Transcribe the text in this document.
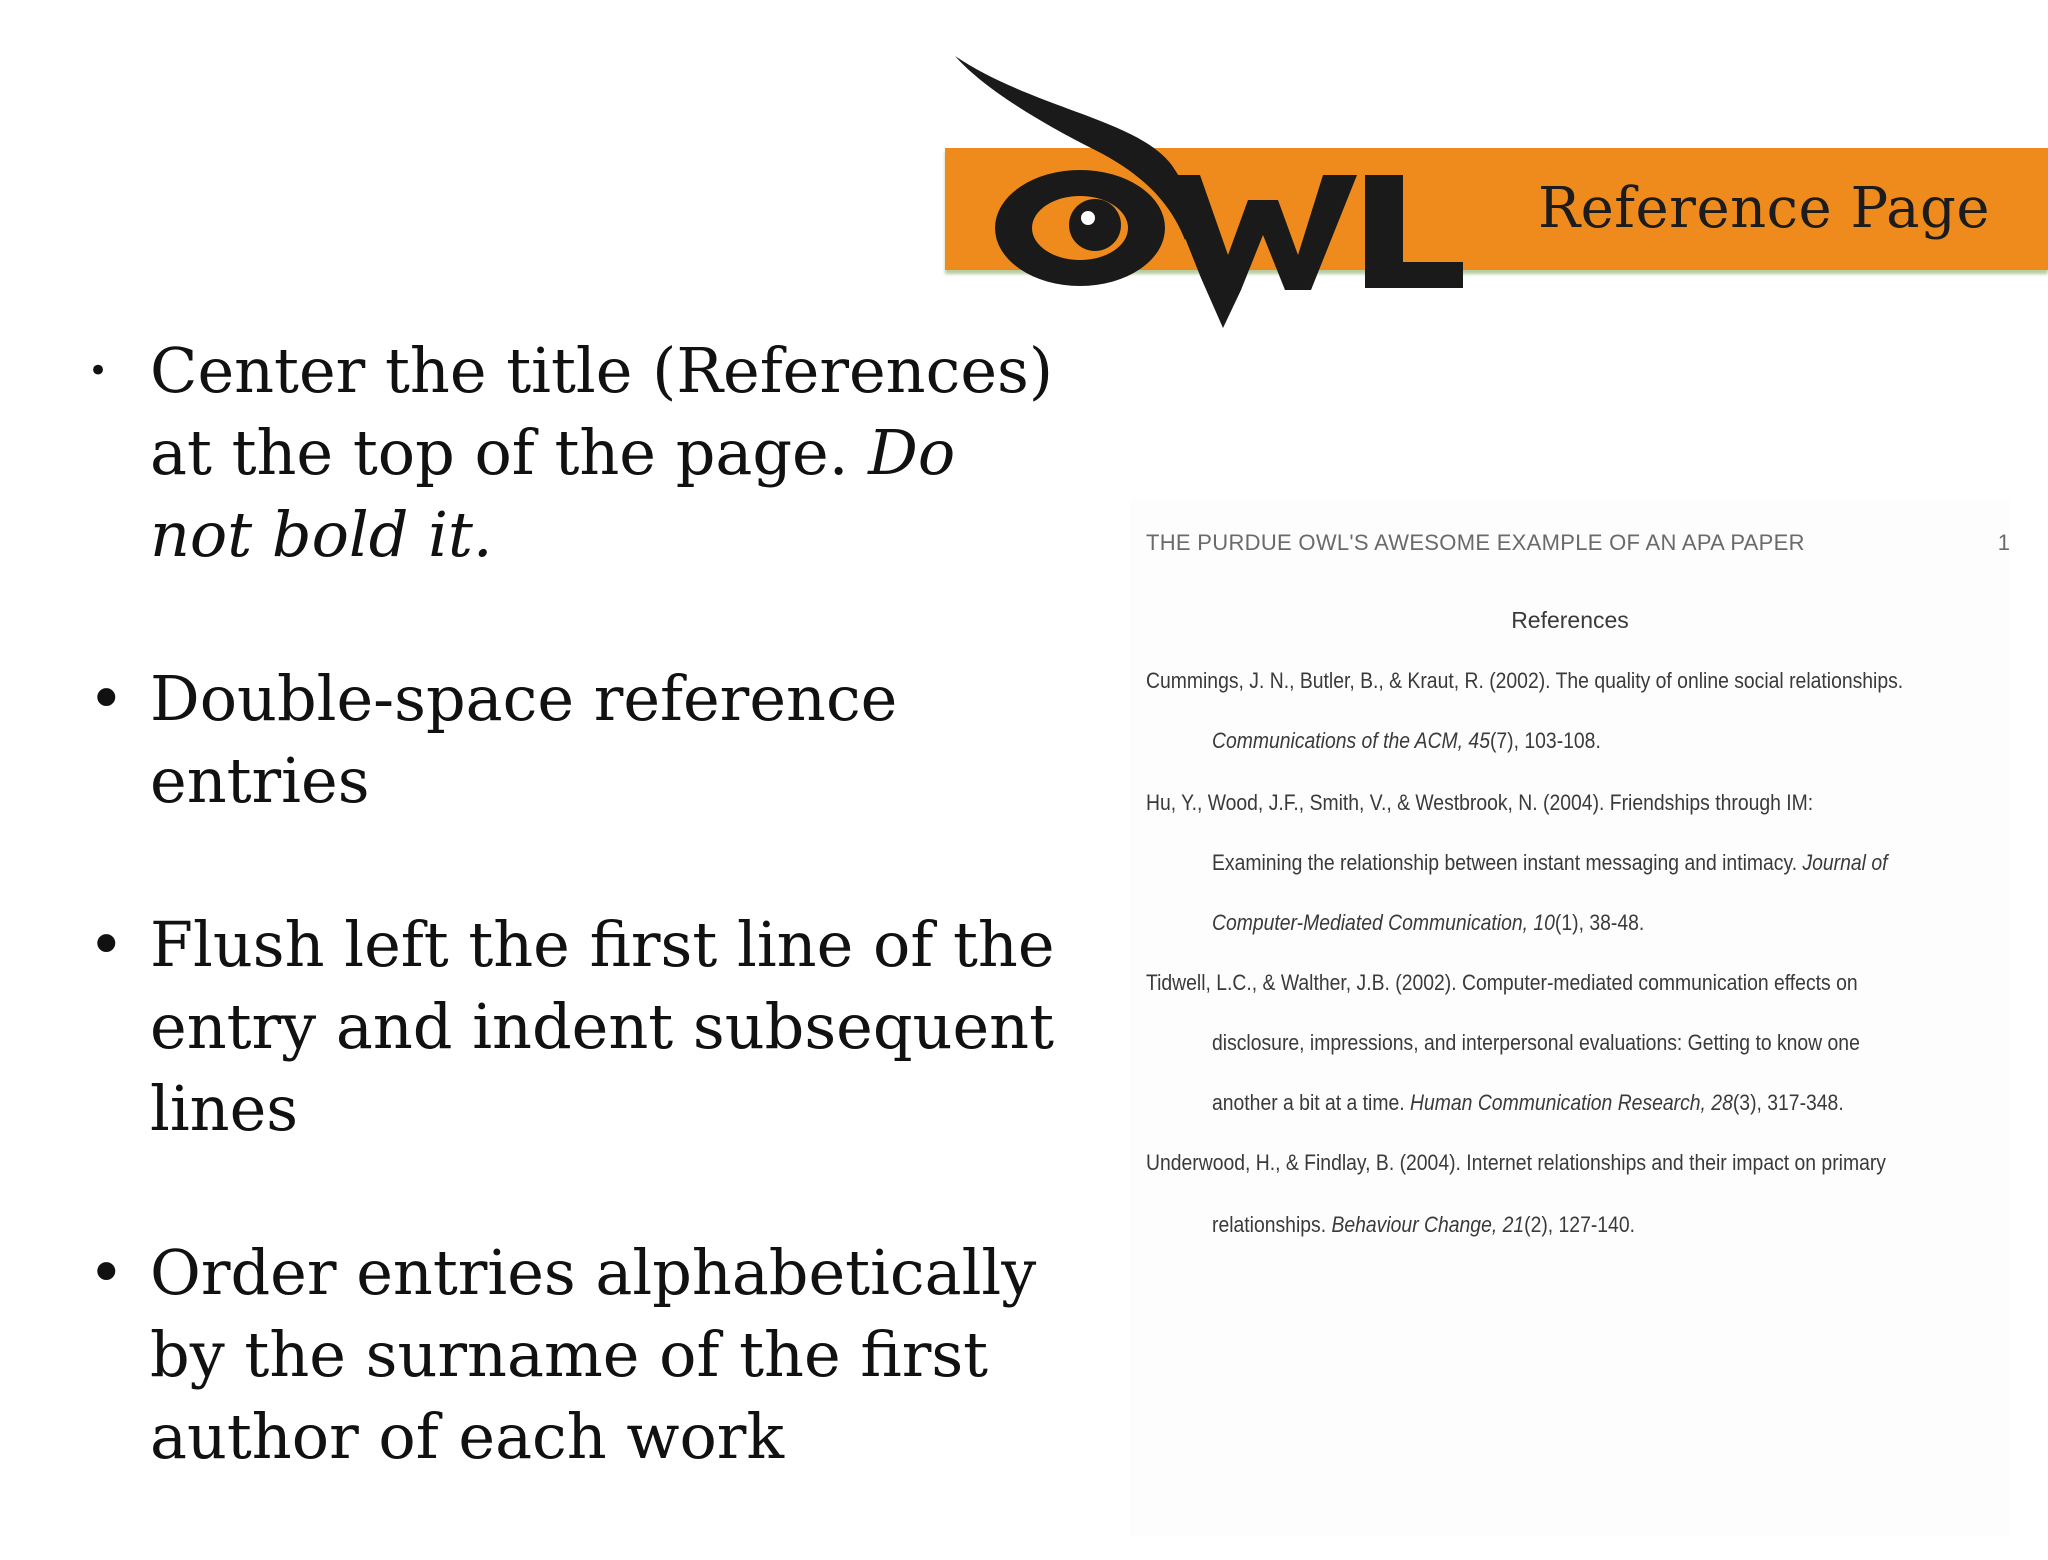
Reference Page
• Center the title (References) at the top of the page. Do not bold it.
• Double-space reference entries
• Flush left the first line of the entry and indent subsequent lines
• Order entries alphabetically by the surname of the first author of each work
THE PURDUE OWL'S AWESOME EXAMPLE OF AN APA PAPER	1
References
Cummings, J. N., Butler, B., & Kraut, R. (2002). The quality of online social relationships.
Communications of the ACM, 45(7), 103-108.
Hu, Y., Wood, J.F., Smith, V., & Westbrook, N. (2004). Friendships through IM:
Examining the relationship between instant messaging and intimacy. Journal of
Computer-Mediated Communication, 10(1), 38-48.
Tidwell, L.C., & Walther, J.B. (2002). Computer-mediated communication effects on
disclosure, impressions, and interpersonal evaluations: Getting to know one
another a bit at a time. Human Communication Research, 28(3), 317-348.
Underwood, H., & Findlay, B. (2004). Internet relationships and their impact on primary
relationships. Behaviour Change, 21(2), 127-140.
